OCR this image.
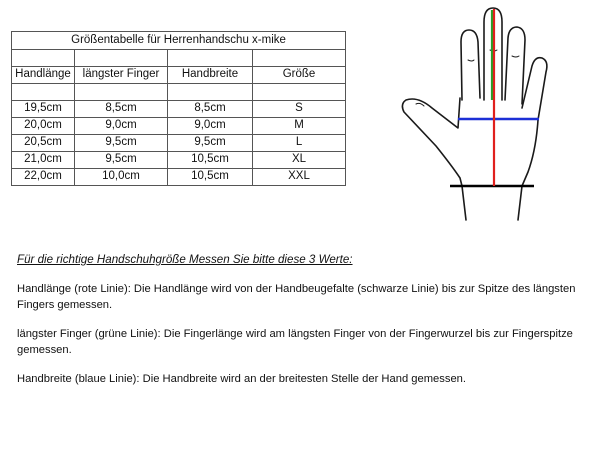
Größentabelle für Herrenhandschu x-mike			

Handlänge	längster Finger	Handbreite	Größe

19,5cm	8,5cm	8,5cm	S
20,0cm	9,0cm	9,0cm	M
20,5cm	9,5cm	9,5cm	L
21,0cm	9,5cm	10,5cm	XL
22,0cm	10,0cm	10,5cm	XXL

Für die richtige Handschuhgröße Messen Sie bitte diese 3 Werte:

Handlänge (rote Linie): Die Handlänge wird von der Handbeugefalte (schwarze Linie) bis zur Spitze des längsten Fingers gemessen.

längster Finger (grüne Linie): Die Fingerlänge wird am längsten Finger von der Fingerwurzel bis zur Fingerspitze gemessen.

Handbreite (blaue Linie): Die Handbreite wird an der breitesten Stelle der Hand gemessen.
